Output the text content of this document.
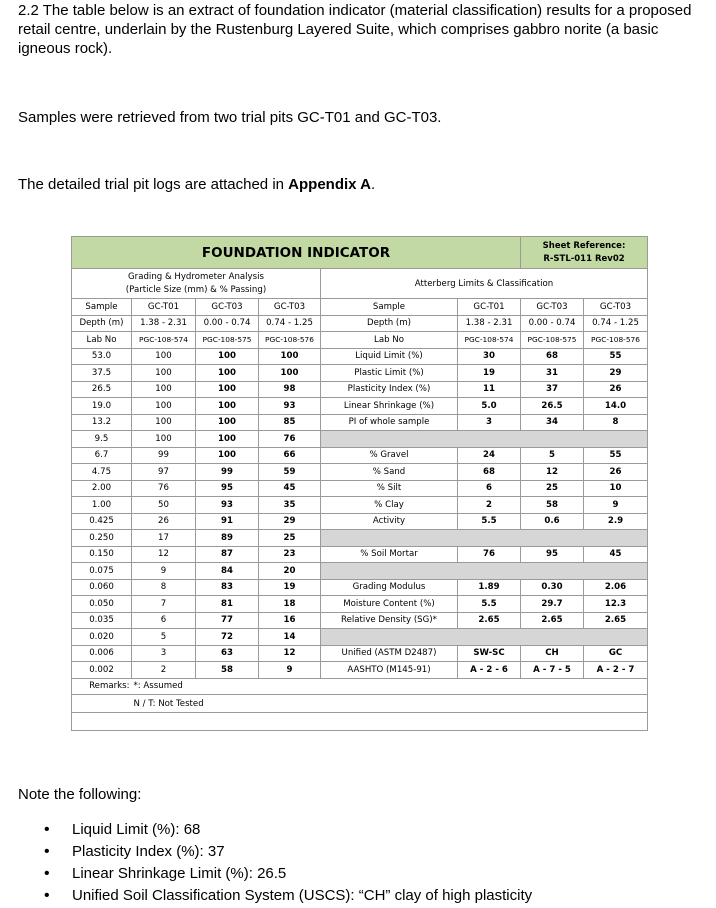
2.2 The table below is an extract of foundation indicator (material classification) results for a proposed retail centre, underlain by the Rustenburg Layered Suite, which comprises gabbro norite (a basic igneous rock).

Samples were retrieved from two trial pits GC-T01 and GC-T03.

The detailed trial pit logs are attached in Appendix A.

FOUNDATION INDICATOR						Sheet Reference:
R-STL-011 Rev02	
Grading & Hydrometer Analysis
(Particle Size (mm) & % Passing)				Atterberg Limits & Classification			
Sample	GC-T01	GC-T03	GC-T03	Sample	GC-T01	GC-T03	GC-T03
Depth (m)	1.38 - 2.31	0.00 - 0.74	0.74 - 1.25	Depth (m)	1.38 - 2.31	0.00 - 0.74	0.74 - 1.25
Lab No	PGC-108-574	PGC-108-575	PGC-108-576	Lab No	PGC-108-574	PGC-108-575	PGC-108-576
53.0	100	100	100	Liquid Limit (%)	30	68	55
37.5	100	100	100	Plastic Limit (%)	19	31	29
26.5	100	100	98	Plasticity Index (%)	11	37	26
19.0	100	100	93	Linear Shrinkage (%)	5.0	26.5	14.0
13.2	100	100	85	PI of whole sample	3	34	8
9.5	100	100	76				
6.7	99	100	66	% Gravel	24	5	55
4.75	97	99	59	% Sand	68	12	26
2.00	76	95	45	% Silt	6	25	10
1.00	50	93	35	% Clay	2	58	9
0.425	26	91	29	Activity	5.5	0.6	2.9
0.250	17	89	25				
0.150	12	87	23	% Soil Mortar	76	95	45
0.075	9	84	20				
0.060	8	83	19	Grading Modulus	1.89	0.30	2.06
0.050	7	81	18	Moisture Content (%)	5.5	29.7	12.3
0.035	6	77	16	Relative Density (SG)*	2.65	2.65	2.65
0.020	5	72	14				
0.006	3	63	12	Unified (ASTM D2487)	SW-SC	CH	GC
0.002	2	58	9	AASHTO (M145-91)	A - 2 - 6	A - 7 - 5	A - 2 - 7
Remarks:	*: Assumed						
	N / T: Not Tested						

Note the following:

• Liquid Limit (%): 68
• Plasticity Index (%): 37
• Linear Shrinkage Limit (%): 26.5
• Unified Soil Classification System (USCS): “CH” clay of high plasticity
